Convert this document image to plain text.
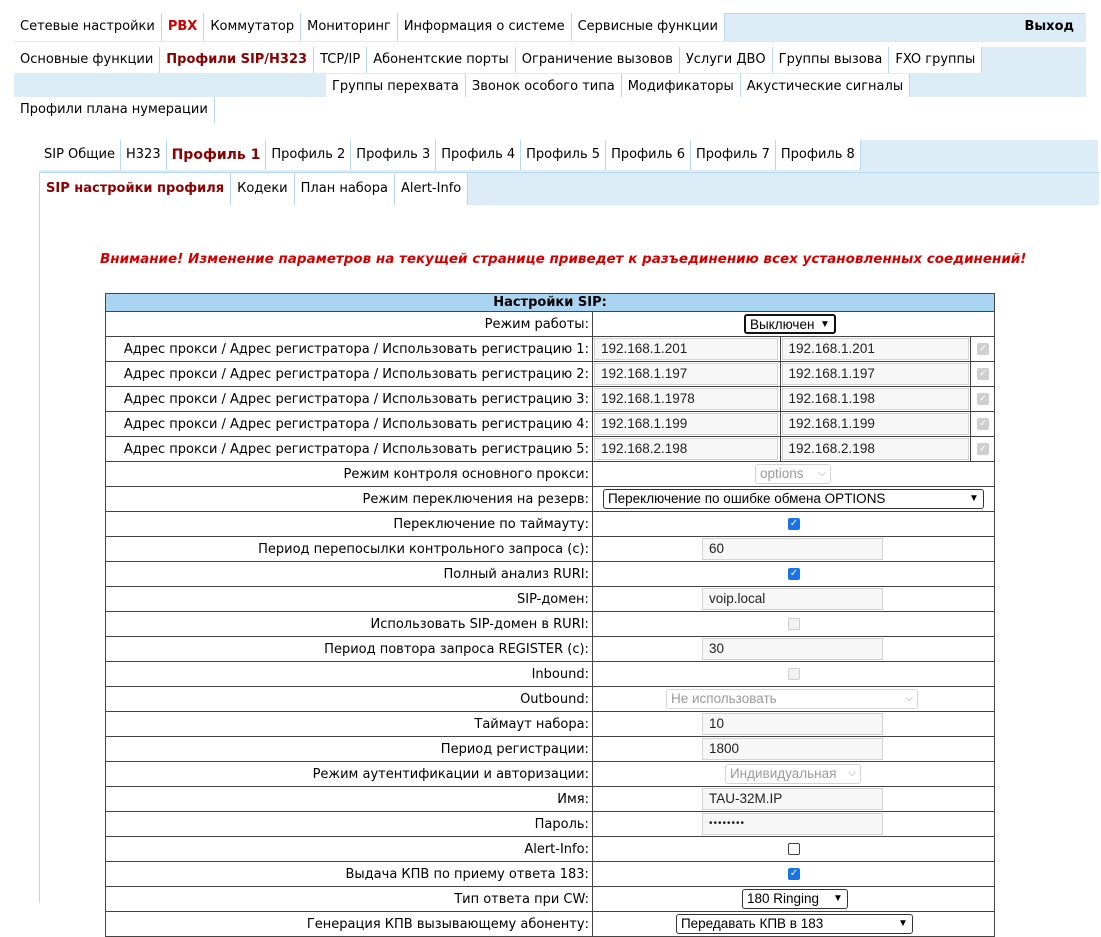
Сетевые настройки	PBX	Коммутатор	Мониторинг	Информация о системе	Сервисные функции	Выход
Основные функции	Профили SIP/H323	TCP/IP	Абонентские порты	Ограничение вызовов	Услуги ДВО	Группы вызова	FXO группы
Группы перехвата	Звонок особого типа	Модификаторы	Акустические сигналы
Профили плана нумерации
SIP Общие H323 Профиль 1 Профиль 2 Профиль 3 Профиль 4 Профиль 5 Профиль 6 Профиль 7 Профиль 8
SIP настройки профиля	Кодеки	План набора	Alert-Info
Внимание! Изменение параметров на текущей странице приведет к разъединению всех установленных соединений!
Настройки SIP:			
Режим работы:	Выключен ▼		

Адрес прокси / Адрес регистратора / Использовать регистрацию 1:	192.168.1.201	192.168.1.201	✓

Адрес прокси / Адрес регистратора / Использовать регистрацию 2:	192.168.1.197	192.168.1.197	✓

Адрес прокси / Адрес регистратора / Использовать регистрацию 3:	192.168.1.1978	192.168.1.198	✓

Адрес прокси / Адрес регистратора / Использовать регистрацию 4:	192.168.1.199	192.168.1.199	✓

Адрес прокси / Адрес регистратора / Использовать регистрацию 5:	192.168.2.198	192.168.2.198	✓

Режим контроля основного прокси:	options ⌵		

Режим переключения на резерв:	Переключение по ошибке обмена OPTIONS ▼		

Переключение по таймауту:	✓		

Период перепосылки контрольного запроса (с):	60		

Полный анализ RURI:	✓		

SIP-домен:	voip.local		

Использовать SIP-домен в RURI:			

Период повтора запроса REGISTER (с):	30		

Inbound:			

Outbound:	Не использовать ⌵		

Таймаут набора:	10		

Период регистрации:	1800		

Режим аутентификации и авторизации:	Индивидуальная ⌵		

Имя:	TAU-32M.IP		

Пароль:	••••••••		

Alert-Info:			

Выдача КПВ по приему ответа 183:	✓		

Тип ответа при CW:	180 Ringing ▼		

Генерация КПВ вызывающему абоненту:	Передавать КПВ в 183 ▼		
